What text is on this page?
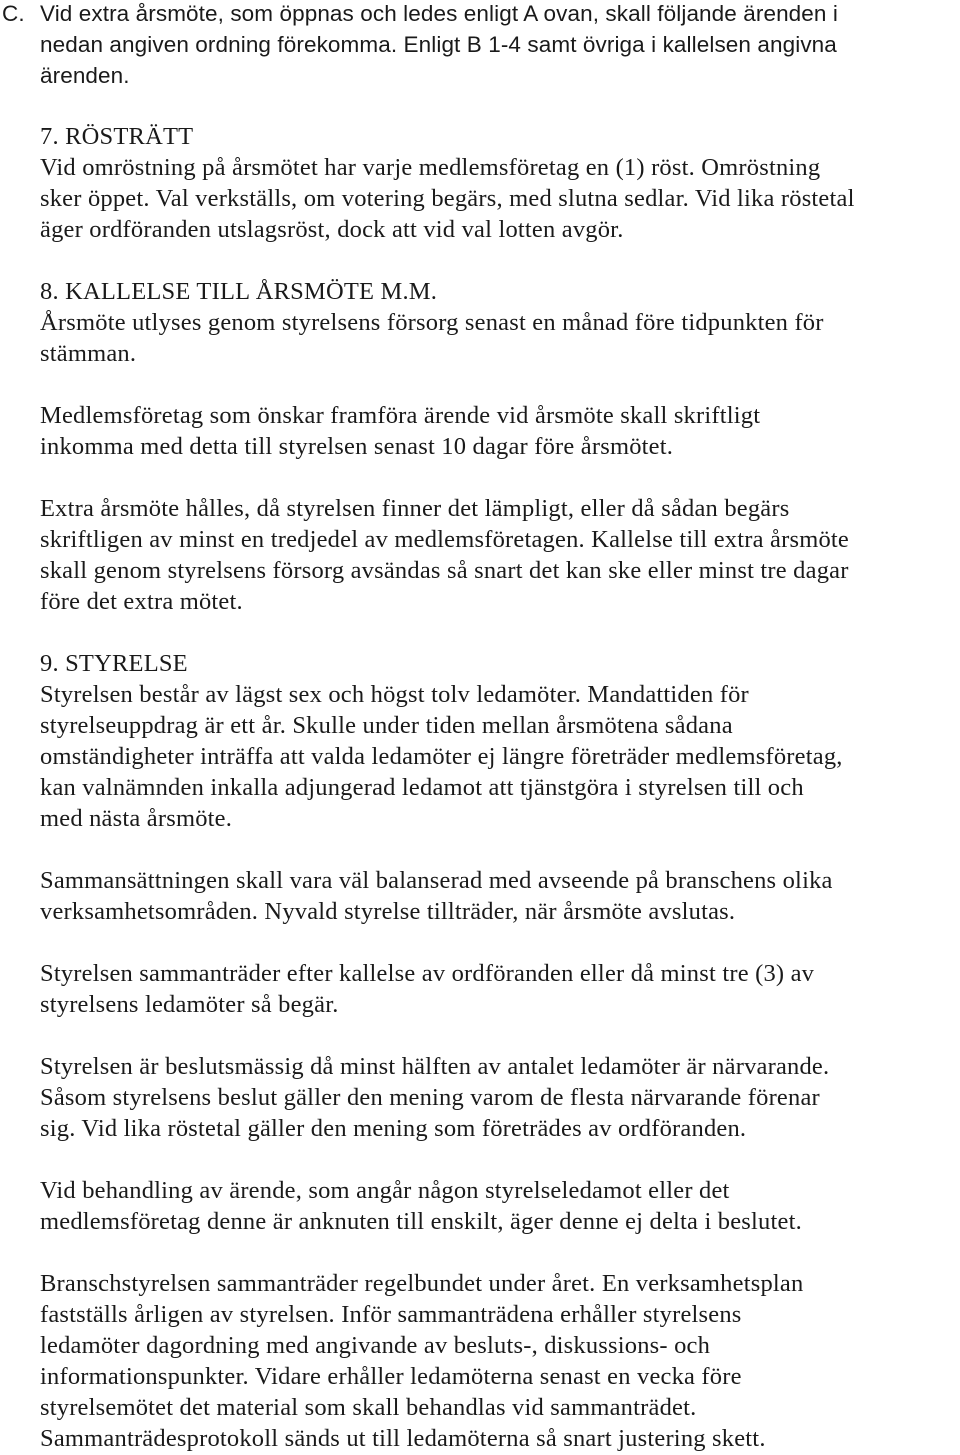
C. Vid extra årsmöte, som öppnas och ledes enligt A ovan, skall följande ärenden i
nedan angiven ordning förekomma. Enligt B 1-4 samt övriga i kallelsen angivna
ärenden.
7. RÖSTRÄTT
Vid omröstning på årsmötet har varje medlemsföretag en (1) röst. Omröstning
sker öppet. Val verkställs, om votering begärs, med slutna sedlar. Vid lika röstetal
äger ordföranden utslagsröst, dock att vid val lotten avgör.
8. KALLELSE TILL ÅRSMÖTE M.M.
Årsmöte utlyses genom styrelsens försorg senast en månad före tidpunkten för
stämman.
Medlemsföretag som önskar framföra ärende vid årsmöte skall skriftligt
inkomma med detta till styrelsen senast 10 dagar före årsmötet.
Extra årsmöte hålles, då styrelsen finner det lämpligt, eller då sådan begärs
skriftligen av minst en tredjedel av medlemsföretagen. Kallelse till extra årsmöte
skall genom styrelsens försorg avsändas så snart det kan ske eller minst tre dagar
före det extra mötet.
9. STYRELSE
Styrelsen består av lägst sex och högst tolv ledamöter. Mandattiden för
styrelseuppdrag är ett år. Skulle under tiden mellan årsmötena sådana
omständigheter inträffa att valda ledamöter ej längre företräder medlemsföretag,
kan valnämnden inkalla adjungerad ledamot att tjänstgöra i styrelsen till och
med nästa årsmöte.
Sammansättningen skall vara väl balanserad med avseende på branschens olika
verksamhetsområden. Nyvald styrelse tillträder, när årsmöte avslutas.
Styrelsen sammanträder efter kallelse av ordföranden eller då minst tre (3) av
styrelsens ledamöter så begär.
Styrelsen är beslutsmässig då minst hälften av antalet ledamöter är närvarande.
Såsom styrelsens beslut gäller den mening varom de flesta närvarande förenar
sig. Vid lika röstetal gäller den mening som företrädes av ordföranden.
Vid behandling av ärende, som angår någon styrelseledamot eller det
medlemsföretag denne är anknuten till enskilt, äger denne ej delta i beslutet.
Branschstyrelsen sammanträder regelbundet under året. En verksamhetsplan
fastställs årligen av styrelsen. Inför sammanträdena erhåller styrelsens
ledamöter dagordning med angivande av besluts-, diskussions- och
informationspunkter. Vidare erhåller ledamöterna senast en vecka före
styrelsemötet det material som skall behandlas vid sammanträdet.
Sammanträdesprotokoll sänds ut till ledamöterna så snart justering skett.
